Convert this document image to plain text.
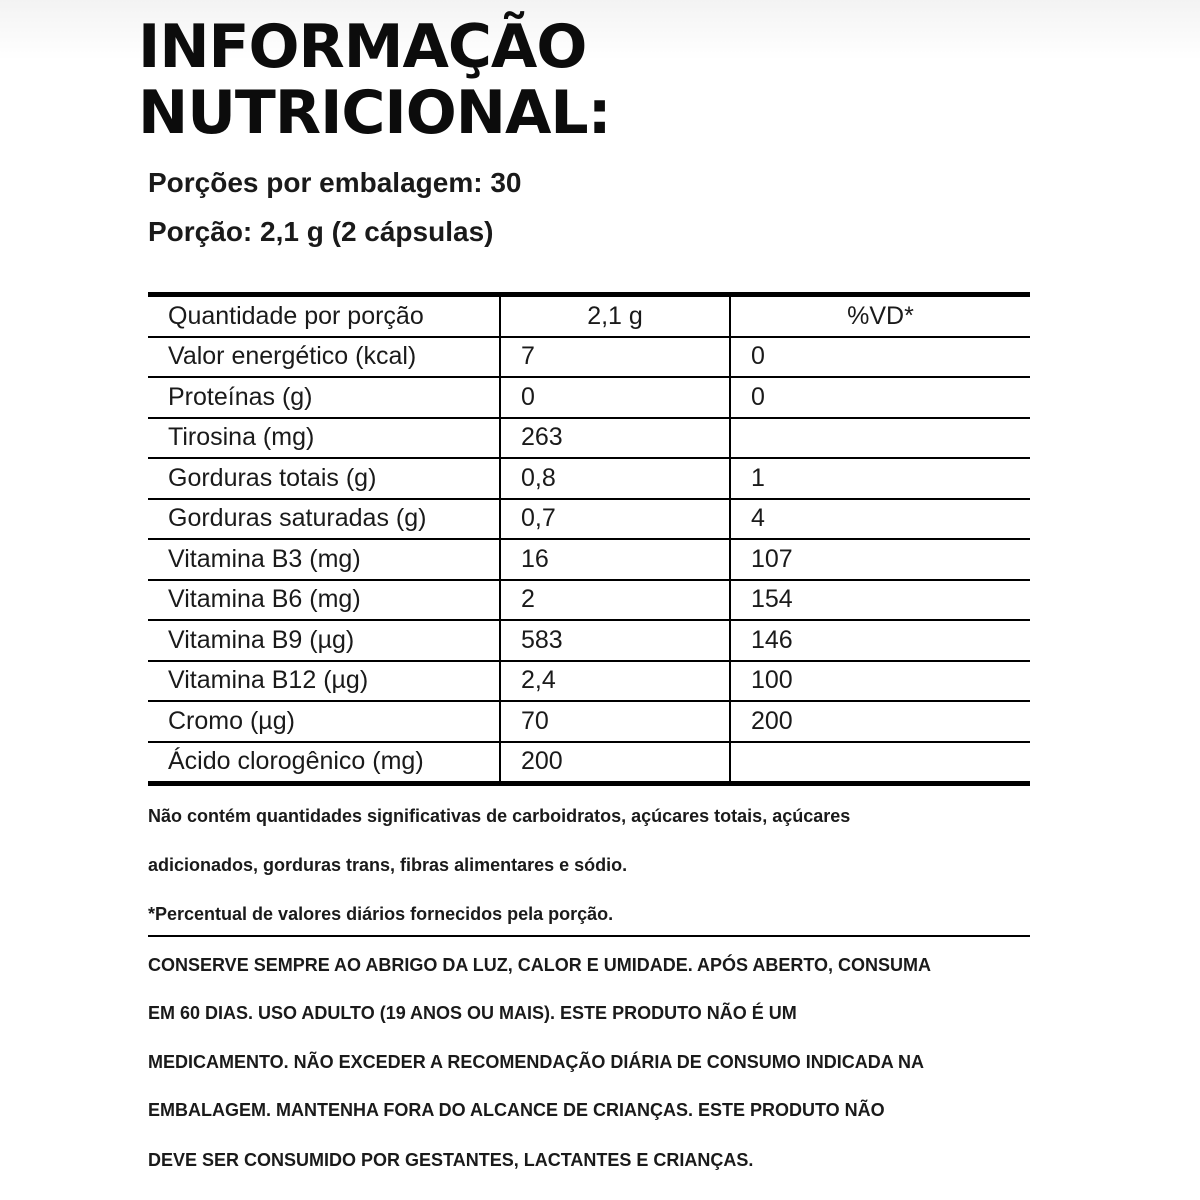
INFORMAÇÃO
NUTRICIONAL:
Porções por embalagem: 30
Porção: 2,1 g (2 cápsulas)
Quantidade por porção	2,1 g	%VD*
Valor energético (kcal)	7	0
Proteínas (g)	0	0
Tirosina (mg)	263	
Gorduras totais (g)	0,8	1
Gorduras saturadas (g)	0,7	4
Vitamina B3 (mg)	16	107
Vitamina B6 (mg)	2	154
Vitamina B9 (µg)	583	146
Vitamina B12 (µg)	2,4	100
Cromo (µg)	70	200
Ácido clorogênico (mg)	200	

Não contém quantidades significativas de carboidratos, açúcares totais, açúcares

adicionados, gorduras trans, fibras alimentares e sódio.

*Percentual de valores diários fornecidos pela porção.

CONSERVE SEMPRE AO ABRIGO DA LUZ, CALOR E UMIDADE. APÓS ABERTO, CONSUMA

EM 60 DIAS. USO ADULTO (19 ANOS OU MAIS). ESTE PRODUTO NÃO É UM

MEDICAMENTO. NÃO EXCEDER A RECOMENDAÇÃO DIÁRIA DE CONSUMO INDICADA NA

EMBALAGEM. MANTENHA FORA DO ALCANCE DE CRIANÇAS. ESTE PRODUTO NÃO

DEVE SER CONSUMIDO POR GESTANTES, LACTANTES E CRIANÇAS.
